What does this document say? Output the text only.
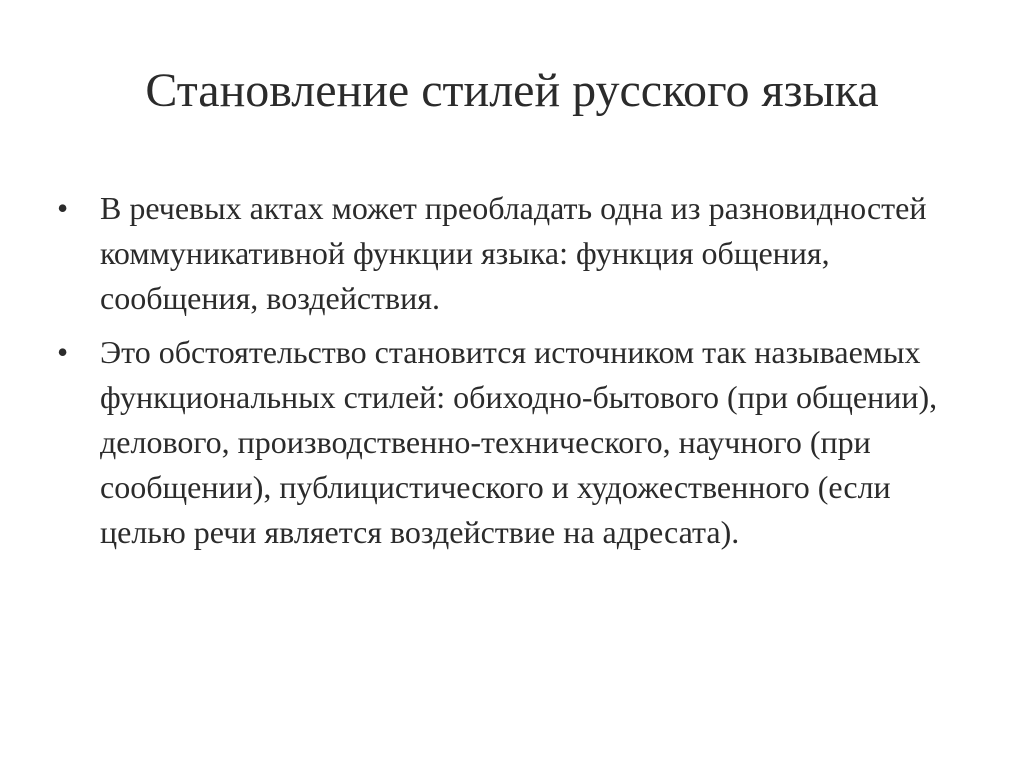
Становление стилей русского языка
• В речевых актах может преобладать одна из разновидностей коммуникативной функции языка: функция общения, сообщения, воздействия.
• Это обстоятельство становится источником так называемых функциональных стилей: обиходно-бытового (при общении), делового, производственно-технического, научного (при сообщении), публицистического и художественного (если целью речи является воздействие на адресата).
